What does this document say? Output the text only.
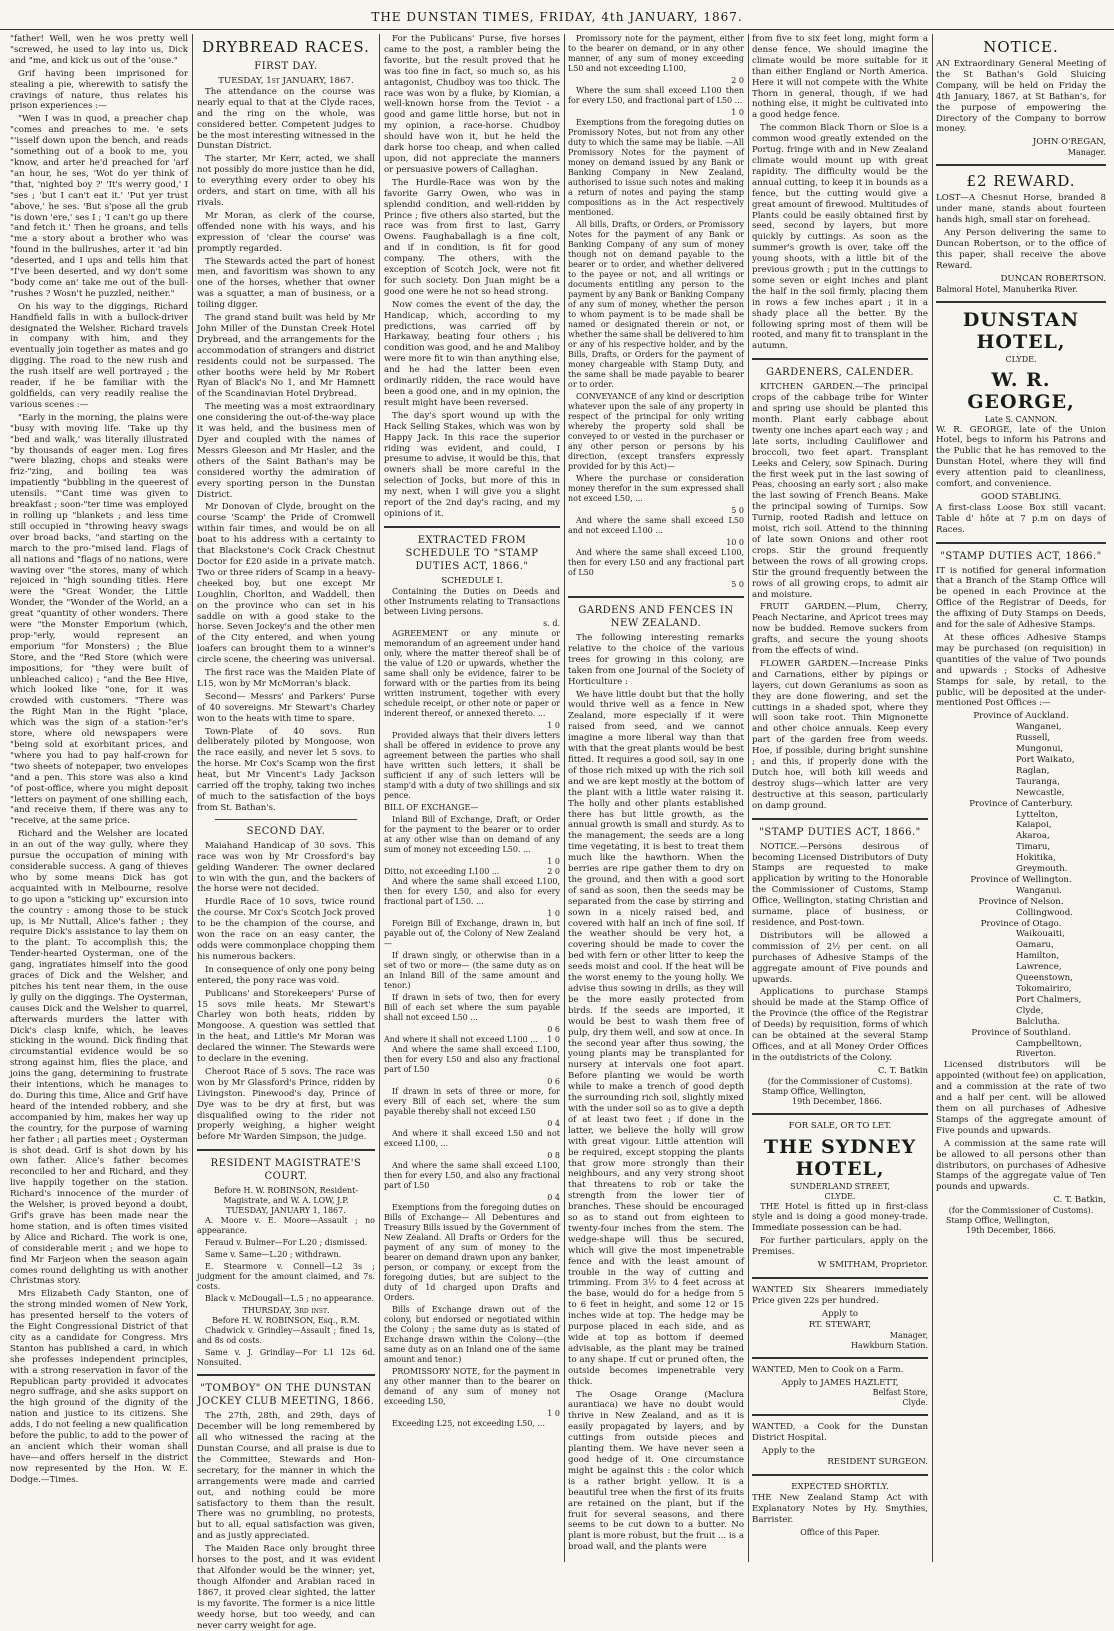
THE DUNSTAN TIMES, FRIDAY, 4th JANUARY, 1867.

"father! Well, wen he wos pretty well "screwed, he used to lay into us, Dick and "me, and kick us out of the 'ouse."

Grif having been imprisoned for stealing a pie, wherewith to satisfy the cravings of nature, thus relates his prison experiences :—

"Wen I was in quod, a preacher chap "comes and preaches to me. 'e sets "'isself down upon the bench, and reads "something out of a book to me, you "know, and arter he'd preached for 'arf "an hour, he ses, 'Wot do yer think of "that, 'nighted boy ?' 'It's werry good,' I "ses ; 'but I can't eat it.' 'Put yer trust "above,' he ses. 'But s'pose all the grub "is down 'ere,' ses I ; 'I can't go up there "and fetch it.' Then he groans, and tells "me a story about a brother who was "found in the bullrushes, arter it 'ad bin "deserted, and I ups and tells him that "I've been deserted, and wy don't some "body come an' take me out of the bull-"rushes ? Wosn't he puzzled, neither."

On his way to the diggings, Richard Handfield falls in with a bullock-driver designated the Welsher. Richard travels in company with him, and they eventually join together as mates and go digging. The road to the new rush and the rush itself are well portrayed ; the reader, if he be familiar with the goldfields, can very readily realise the various scenes :—

"Early in the morning, the plains were "busy with moving life. 'Take up thy "bed and walk,' was literally illustrated "by thousands of eager men. Log fires "were blazing, chops and steaks were friz-"zing, and boiling tea was impatiently "bubbling in the queerest of utensils. "'Cant time was given to breakfast ; soon-"ter time was employed in rolling up "blankets ; and less time still occupied in "throwing heavy swags over broad backs, "and starting on the march to the pro-"mised land. Flags of all nations and "flags of no nations, were waving over "the stores, many of which rejoiced in "high sounding titles. Here were the "Great Wonder, the Little Wonder, the "Wonder of the World, an a great "quantity of other wonders. There were "the Monster Emporium (which, prop-"erly, would represent an emporium "for Monsters) ; the Blue Store, and the "Red Store (which were impositions, for "they were built of unbleached calico) ; "and the Bee Hive, which looked like "one, for it was crowded with customers. "There was the Right Man in the Right "place, which was the sign of a station-"er's store, where old newspapers were "being sold at exorbitant prices, and "where you had to pay half-crown for "two sheets of notepaper, two envelopes "and a pen. This store was also a kind "of post-office, where you might deposit "letters on payment of one shilling each, "and receive them, if there was any to "receive, at the same price.

Richard and the Welsher are located in an out of the way gully, where they pursue the occupation of mining with considerable success. A gang of thieves who by some means Dick has got acquainted with in Melbourne, resolve to go upon a "sticking up" excursion into the country : among those to be stuck up, is Mr Nuttall, Alice's father ; they require Dick's assistance to lay them on to the plant. To accomplish this, the Tender-hearted Oysterman, one of the gang, ingratiates himself into the good graces of Dick and the Welsher, and pitches his tent near them, in the ouse ly gully on the diggings. The Oysterman, causes Dick and the Welsher to quarrel, afterwards murders the latter with Dick's clasp knife, which, he leaves sticking in the wound. Dick finding that circumstantial evidence would be so strong against him, flies the place, and joins the gang, determining to frustrate their intentions, which he manages to do. During this time, Alice and Grif have heard of the intended robbery, and she accompanied by him, makes her way up the country, for the purpose of warning her father ; all parties meet ; Oysterman is shot dead. Grif is shot down by his own father. Alice's father becomes reconciled to her and Richard, and they live happily together on the station. Richard's innocence of the murder of the Welsher, is proved beyond a doubt, Grif's grave has been made near the home station, and is often times visited by Alice and Richard. The work is one, of considerable merit ; and we hope to find Mr Farjeon when the season again comes round delighting us with another Christmas story.

Mrs Elizabeth Cady Stanton, one of the strong minded women of New York, has presented herself to the voters of the Eight Congressional District of that city as a candidate for Congress. Mrs Stanton has published a card, in which she professes independent principles, with a strong reservation in favor of the Republican party provided it advocates negro suffrage, and she asks support on the high ground of the dignity of the nation and justice to its citizens. She adds, I do not feeling a new qualification before the public, to add to the power of an ancient which their woman shall have—and offers herself in the district now represented by the Hon. W. E. Dodge.—Times.

DRYBREAD RACES.
FIRST DAY.
TUESDAY, 1st JANUARY, 1867.

The attendance on the course was nearly equal to that at the Clyde races, and the ring on the whole, was considered better. Competent judges to be the most interesting witnessed in the Dunstan District.

The starter, Mr Kerr, acted, we shall not possibly do more justice than he did, to everything every order to obey his orders, and start on time, with all his rivals.

Mr Moran, as clerk of the course, offended none with his ways, and his expression of 'clear the course' was promptly regarded.

The Stewards acted the part of honest men, and favoritism was shown to any one of the horses, whether that owner was a squatter, a man of business, or a toiling digger.

The grand stand built was held by Mr John Miller of the Dunstan Creek Hotel Drybread, and the arrangements for the accommodation of strangers and district residents could not be surpassed. The other booths were held by Mr Robert Ryan of Black's No 1, and Mr Hamnett of the Scandinavian Hotel Drybread.

The meeting was a most extraordinary one considering the out-of-the-way place it was held, and the business men of Dyer and coupled with the names of Messrs Gleeson and Mr Hasler, and the others of the Saint Bathan's may be considered worthy the admiration of every sporting person in the Dunstan District.

Mr Donovan of Clyde, brought on the course 'Scamp' the Pride of Cromwell within fair times, and would be on all boat to his address with a certainty to that Blackstone's Cock Crack Chestnut Doctor for £20 aside in a private match. Two or three riders of Scamp in a heavy-cheeked boy, but one except Mr Loughlin, Chorlton, and Waddell, then on the province who can set in his saddle on with a good stake to the horse. Seven Jockey's and the other men of the City entered, and when young loafers can brought them to a winner's circle scene, the cheering was universal.

The first race was the Maiden Plate of L15, won by Mr McMorran's black.

Second— Messrs' and Parkers' Purse of 40 sovereigns. Mr Stewart's Charley won to the heats with time to spare.

Town-Plate of 40 sovs. Run deliberately piloted by Mongoose, won the race easily, and never let 5 sovs. to the horse. Mr Cox's Scamp won the first heat, but Mr Vincent's Lady Jackson carried off the trophy, taking two inches of much to the satisfaction of the boys from St. Bathan's.

SECOND DAY.

Maiahand Handicap of 30 sovs. This race was won by Mr Crossford's bay gelding Wanderer. The owner declared to win with the gun, and the backers of the horse were not decided.

Hurdle Race of 10 sovs, twice round the course. Mr Cox's Scotch Jock proved to be the champion of the course, and won the race on an easy canter, the odds were commonplace chopping them his numerous backers.

In consequence of only one pony being entered, the pony race was void.

Publicans' and Storekeepers' Purse of 15 sovs mile heats. Mr Stewart's Charley won both heats, ridden by Mongoose. A question was settled that in the heat, and Little's Mr Moran was declared the winner. The Stewards were to declare in the evening.

Cheroot Race of 5 sovs. The race was won by Mr Glassford's Prince, ridden by Livingston. Pinewood's day, Prince of Dye was to be dry at first, but was disqualified owing to the rider not properly weighing, a higher weight before Mr Warden Simpson, the judge.

RESIDENT MAGISTRATE'S COURT.
Before H. W. ROBINSON, Resident-Magistrate, and W. A. LOW, J.P.
TUESDAY, JANUARY 1, 1867.

A. Moore v. E. Moore—Assault ; no appearance.

Feraud v. Bulmer—For L.20 ; dismissed.

Same v. Same—L.20 ; withdrawn.

E. Stearmore v. Connell—L2 3s ; judgment for the amount claimed, and 7s. costs.

Black v. McDougall—L.5 ; no appearance.

THURSDAY, 3rd inst.
Before H. W. ROBINSON, Esq., R.M.

Chadwick v. Grindley—Assault ; fined 1s, and 8s od costs.

Same v. J. Grindlay—For L1 12s 6d. Nonsuited.

"TOMBOY" ON THE DUNSTAN JOCKEY CLUB MEETING, 1866.

The 27th, 28th, and 29th, days of December will be long remembered by all who witnessed the racing at the Dunstan Course, and all praise is due to the Committee, Stewards and Hon-secretary, for the manner in which the arrangements were made and carried out, and nothing could be more satisfactory to them than the result. There was no grumbling, no protests, but to all, equal satisfaction was given, and as justly appreciated.

The Maiden Race only brought three horses to the post, and it was evident that Alfonder would be the winner; yet, though Alfonder and Arabian raced in 1867, it proved clear sighted, the latter is my favorite. The former is a nice little weedy horse, but too weedy, and can never carry weight for age.

For the Publicans' Purse, five horses came to the post, a rambler being the favorite, but the result proved that he was too fine in fact, so much so, as his antagonist, Chudboy was too thick. The race was won by a fluke, by Kiomian, a well-known horse from the Teviot - a good and game little horse, but not in my opinion, a race-horse. Chudboy should have won it, but he held the dark horse too cheap, and when called upon, did not appreciate the manners or persuasive powers of Callaghan.

The Hurdle-Race was won by the favorite Garry Owen, who was in splendid condition, and well-ridden by Prince ; five others also started, but the race was from first to last, Garry Owens. Faughaballagh is a fine colt, and if in condition, is fit for good company. The others, with the exception of Scotch Jock, were not fit for such society. Don Juan might be a good one were he not so head strong.

Now comes the event of the day, the Handicap, which, according to my predictions, was carried off by Harkaway, beating four others ; his condition was good, and he and Maliboy were more fit to win than anything else, and he had the latter been even ordinarily ridden, the race would have been a good one, and in my opinion, the result might have been reversed.

The day's sport wound up with the Hack Selling Stakes, which was won by Happy Jack. In this race the superior riding was evident, and could, I presume to advise, it would be this, that owners shall be more careful in the selection of Jocks, but more of this in my next, when I will give you a slight report of the 2nd day's racing, and my opinions of it.

EXTRACTED FROM SCHEDULE TO "STAMP DUTIES ACT, 1866."
SCHEDULE I.

Containing the Duties on Deeds and other Instruments relating to Transactions between Living persons.

s. d.

AGREEMENT or any minute or memorandum of an agreement under hand only, where the matter thereof shall be of the value of L20 or upwards, whether the same shall only be evidence, fairer to be forward with or the parties from its being written instrument, together with every schedule receipt, or other note or paper or inderent thereof, or annexed thereto. ...

1 0

Provided always that their divers letters shall be offered in evidence to prove any agreement between the parties who shall have written such letters, it shall be sufficient if any of such letters will be stamp'd with a duty of two shillings and six pence.

BILL OF EXCHANGE—

Inland Bill of Exchange, Draft, or Order for the payment to the bearer or to order at any other wise than on demand of any sum of money not exceeding L50. ...

1 0
Ditto, not exceeding L100 ...	2 0

And where the same shall exceed L100, then for every L50, and also for every fractional part of L50. ...

1 0

Foreign Bill of Exchange, drawn in, but payable out of, the Colony of New Zealand—

If drawn singly, or otherwise than in a set of two or more— (the same duty as on an Inland Bill of the same amount and tenor.)

If drawn in sets of two, then for every Bill of each set where the sum payable shall not exceed L50 ...

0 6
And where it shall not exceed L100 ... 1 0

And where the same shall exceed L100, then for every L50 and also any fractional part of L50

0 6

If drawn in sets of three or more, for every Bill of each set, where the sum payable thereby shall not exceed L50

0 4

And where it shall exceed L50 and not exceed L100, ...

0 8

And where the same shall exceed L100, then for every L50, and also any fractional part of L50

0 4

Exemptions from the foregoing duties on Bills of Exchange— All Debentures and Treasury Bills issued by the Government of New Zealand. All Drafts or Orders for the payment of any sum of money to the bearer on demand drawn upon any banker, person, or company, or except from the foregoing duties, but are subject to the duty of 1d charged upon Drafts and Orders.

Bills of Exchange drawn out of the colony, but endorsed or negotiated within the Colony ; the same duty as is stated of Exchange drawn within the Colony—(the same duty as on an Inland one of the same amount and tenor.)

PROMISSORY NOTE, for the payment in any other manner than to the bearer on demand of any sum of money not exceeding L50,

1 0

Exceeding L25, not exceeding L50, ...

Promissory note for the payment, either to the bearer on demand, or in any other manner, of any sum of money exceeding L50 and not exceeding L100,

2 0

Where the sum shall exceed L100 then for every L50, and fractional part of L50 ...

1 0

Exemptions from the foregoing duties on Promissory Notes, but not from any other duty to which the same may be liable. —All Promissory Notes for the payment of money on demand issued by any Bank or Banking Company in New Zealand, authorised to issue such notes and making a return of notes and paying the stamp compositions as in the Act respectively mentioned.

All bills, Drafts, or Orders, or Promissory Notes for the payment of any Bank or Banking Company of any sum of money though not on demand payable to the bearer or to order, and whether delivered to the payee or not, and all writings or documents entitling any person to the payment by any Bank or Banking Company of any sum of money, whether the person to whom payment is to be made shall be named or designated therein or not, or whether the same shall be delivered to him or any of his respective holder, and by the Bills, Drafts, or Orders for the payment of money chargeable with Stamp Duty, and the same shall be made payable to bearer or to order.

CONVEYANCE of any kind or description whatever upon the sale of any property in respect of the principal for only writing whereby the property sold shall be conveyed to or vested in the purchaser or any other person or persons by his direction, (except transfers expressly provided for by this Act)—

Where the purchase or consideration money therefor in the sum expressed shall not exceed L50, ...

5 0

And where the same shall exceed L50 and not exceed L100 ...

10 0

And where the same shall exceed L100, then for every L50 and any fractional part of L50

5 0
GARDENS AND FENCES IN NEW ZEALAND.

The following interesting remarks relative to the choice of the various trees for growing in this colony, are taken from one Journal of the Society of Horticulture :

We have little doubt but that the holly would thrive well as a fence in New Zealand, more especially if it were raised from seed, and we cannot imagine a more liberal way than that with that the great plants would be best fitted. It requires a good soil, say in one of those rich mixed up with the rich soil and we are kept mostly at the bottom of the plant with a little water raising it. The holly and other plants established there has but little growth, as the annual growth is small and sturdy. As to the management, the seeds are a long time vegetating, it is best to treat them much like the hawthorn. When the berries are ripe gather them to dry on the ground, and then with a good sort of sand as soon, then the seeds may be separated from the case by stirring and sown in a nicely raised bed, and covered with half an inch of fine soil. If the weather should be very hot, a covering should be made to cover the bed with fern or other litter to keep the seeds moist and cool. If the heat will be the worst enemy to the young holly. We advise thus sowing in drills, as they will be the more easily protected from birds. If the seeds are imported, it would be best to wash them free of pulp, dry them well, and sow at once. In the second year after thus sowing, the young plants may be transplanted for nursery at intervals one foot apart. Before planting we would be worth while to make a trench of good depth the surrounding rich soil, slightly mixed with the under soil so as to give a depth of at least two feet ; if done in the latter, we believe the holly will grow with great vigour. Little attention will be required, except stopping the plants that grow more strongly than their neighbours, and any very strong shoot that threatens to rob or take the strength from the lower tier of branches. These should be encouraged so as to stand out from eighteen to twenty-four inches from the stem. The wedge-shape will thus be secured, which will give the most impenetrable fence and with the least amount of trouble in the way of cutting and trimming. From 3½ to 4 feet across at the base, would do for a hedge from 5 to 6 feet in height, and some 12 or 15 inches wide at top. The hedge may be purpose placed in each side, and as wide at top as bottom if deemed advisable, as the plant may be trained to any shape. If cut or pruned often, the outside becomes impenetrable very thick.

The Osage Orange (Maclura aurantiaca) we have no doubt would thrive in New Zealand, and as it is easily propagated by layers, and by cuttings from outside pieces and planting them. We have never seen a good hedge of it. One circumstance might be against this : the color which is a rather bright yellow. It is a beautiful tree when the first of its fruits are retained on the plant, but if the fruit for several seasons, and there seems to be cut down to a butter. No plant is more robust, but the fruit ... is a broad wall, and the plants were

from five to six feet long, might form a dense fence. We should imagine the climate would be more suitable for it than either England or North America. Here it will not compete with the White Thorn in general, though, if we had nothing else, it might be cultivated into a good hedge fence.

The common Black Thorn or Sloe is a common wood greatly extended on the Portug. fringe with and in New Zealand climate would mount up with great rapidity. The difficulty would be the annual cutting, to keep it in bounds as a fence, but the cutting would give a great amount of firewood. Multitudes of Plants could be easily obtained first by seed, second by layers, but more quickly by cuttings. As soon as the summer's growth is over, take off the young shoots, with a little bit of the previous growth ; put in the cuttings to some seven or eight inches and plant the half in the soil firmly, placing them in rows a few inches apart ; it in a shady place all the better. By the following spring most of them will be rooted, and many fit to transplant in the autumn.

GARDENERS, CALENDER.

KITCHEN GARDEN.—The principal crops of the cabbage tribe for Winter and spring use should be planted this month. Plant early cabbage about twenty one inches apart each way ; and late sorts, including Cauliflower and broccoli, two feet apart. Transplant Leeks and Celery, sow Spinach. During the first week put in the last sowing of Peas, choosing an early sort ; also make the last sowing of French Beans. Make the principal sowing of Turnips. Sow Turnip, rooted Radish and lettuce on moist, rich soil. Attend to the thinning of late sown Onions and other root crops. Stir the ground frequently between the rows of all growing crops. Stir the ground frequently between the rows of all growing crops, to admit air and moisture.

FRUIT GARDEN.—Plum, Cherry, Peach Nectarine, and Apricot trees may now be budded. Remove suckers from grafts, and secure the young shoots from the effects of wind.

FLOWER GARDEN.—Increase Pinks and Carnations, either by pipings or layers, cut down Geraniums as soon as they are done flowering, and set the cuttings in a shaded spot, where they will soon take root. Thin Mignonette and other choice annuals. Keep every part of the garden free from weeds. Hoe, if possible, during bright sunshine ; and this, if properly done with the Dutch hoe, will both kill weeds and destroy slugs—which latter are very destructive at this season, particularly on damp ground.

"STAMP DUTIES ACT, 1866."

NOTICE.—Persons desirous of becoming Licensed Distributors of Duty Stamps are requested to make application by writing to the Honorable the Commissioner of Customs, Stamp Office, Wellington, stating Christian and surname, place of business, or residence, and Post-town.

Distributors will be allowed a commission of 2½ per cent. on all purchases of Adhesive Stamps of the aggregate amount of Five pounds and upwards.

Applications to purchase Stamps should be made at the Stamp Office of the Province (the office of the Registrar of Deeds) by requisition, forms of which can be obtained at the several Stamp Offices, and at all Money Order Offices in the outdistricts of the Colony.

C. T. Batkin
(for the Commissioner of Customs).
Stamp Office, Wellington,
19th December, 1866.
FOR SALE, OR TO LET.
THE SYDNEY HOTEL,
SUNDERLAND STREET,
CLYDE.

THE Hotel is fitted up in first-class style and is doing a good money-trade. Immediate possession can be had.

For further particulars, apply on the Premises.

W SMITHAM, Proprietor.

WANTED Six Shearers immediately Price given 22s per hundred.

Apply to
RT. STEWART,
Manager,
Hawkburn Station.

WANTED, Men to Cook on a Farm.

Apply to JAMES HAZLETT,
Belfast Store,
Clyde.

WANTED, a Cook for the Dunstan District Hospital.

Apply to the
RESIDENT SURGEON.
EXPECTED SHORTLY.

THE New Zealand Stamp Act with Explanatory Notes by Hy. Smythies, Barrister.

Office of this Paper.
NOTICE.

AN Extraordinary General Meeting of the St Bathan's Gold Sluicing Company, will be held on Friday the 4th January, 1867, at St Bathan's, for the purpose of empowering the Directory of the Company to borrow money.

JOHN O'REGAN,
Manager.
£2 REWARD.

LOST—A Chesnut Horse, branded 8 under mane, stands about fourteen hands high, small star on forehead.

Any Person delivering the same to Duncan Robertson, or to the office of this paper, shall receive the above Reward.

DUNCAN ROBERTSON.
Balmoral Hotel, Manuherika River.
DUNSTAN HOTEL,
CLYDE.
W. R. GEORGE,
Late S. CANNON.

W. R. GEORGE, late of the Union Hotel, begs to inform his Patrons and the Public that he has removed to the Dunstan Hotel, where they will find every attention paid to cleanliness, comfort, and convenience.

GOOD STABLING.

A first-class Loose Box still vacant. Table d' hôte at 7 p.m on days of Races.

"STAMP DUTIES ACT, 1866."

IT is notified for general information that a Branch of the Stamp Office will be opened in each Province at the Office of the Registrar of Deeds, for the affixing of Duty Stamps on Deeds, and for the sale of Adhesive Stamps.

At these offices Adhesive Stamps may be purchased (on requisition) in quantities of the value of Two pounds and upwards ; Stocks of Adhesive Stamps for sale, by retail, to the public, will be deposited at the under-mentioned Post Offices :—

Province of Auckland.
Wanganei,
Russell,
Mungonui,
Port Waikato,
Raglan,
Tauranga,
Newcastle,
Province of Canterbury.
Lyttelton,
Kaiapoi,
Akaroa,
Timaru,
Hokitika,
Greymouth.
Province of Wellington.
Wanganui.
Province of Nelson.
Collingwood.
Province of Otago.
Waikouaiti,
Oamaru,
Hamilton,
Lawrence,
Queenstown,
Tokomairiro,
Port Chalmers,
Clyde,
Balclutha.
Province of Southland.
Campbelltown,
Riverton.

Licensed distributors will be appointed (without fee) on application, and a commission at the rate of two and a half per cent. will be allowed them on all purchases of Adhesive Stamps of the aggregate amount of Five pounds and upwards.

A commission at the same rate will be allowed to all persons other than distributors, on purchases of Adhesive Stamps of the aggregate value of Ten pounds and upwards.

C. T. Batkin,
(for the Commissioner of Customs).
Stamp Office, Wellington,
19th December, 1866.
